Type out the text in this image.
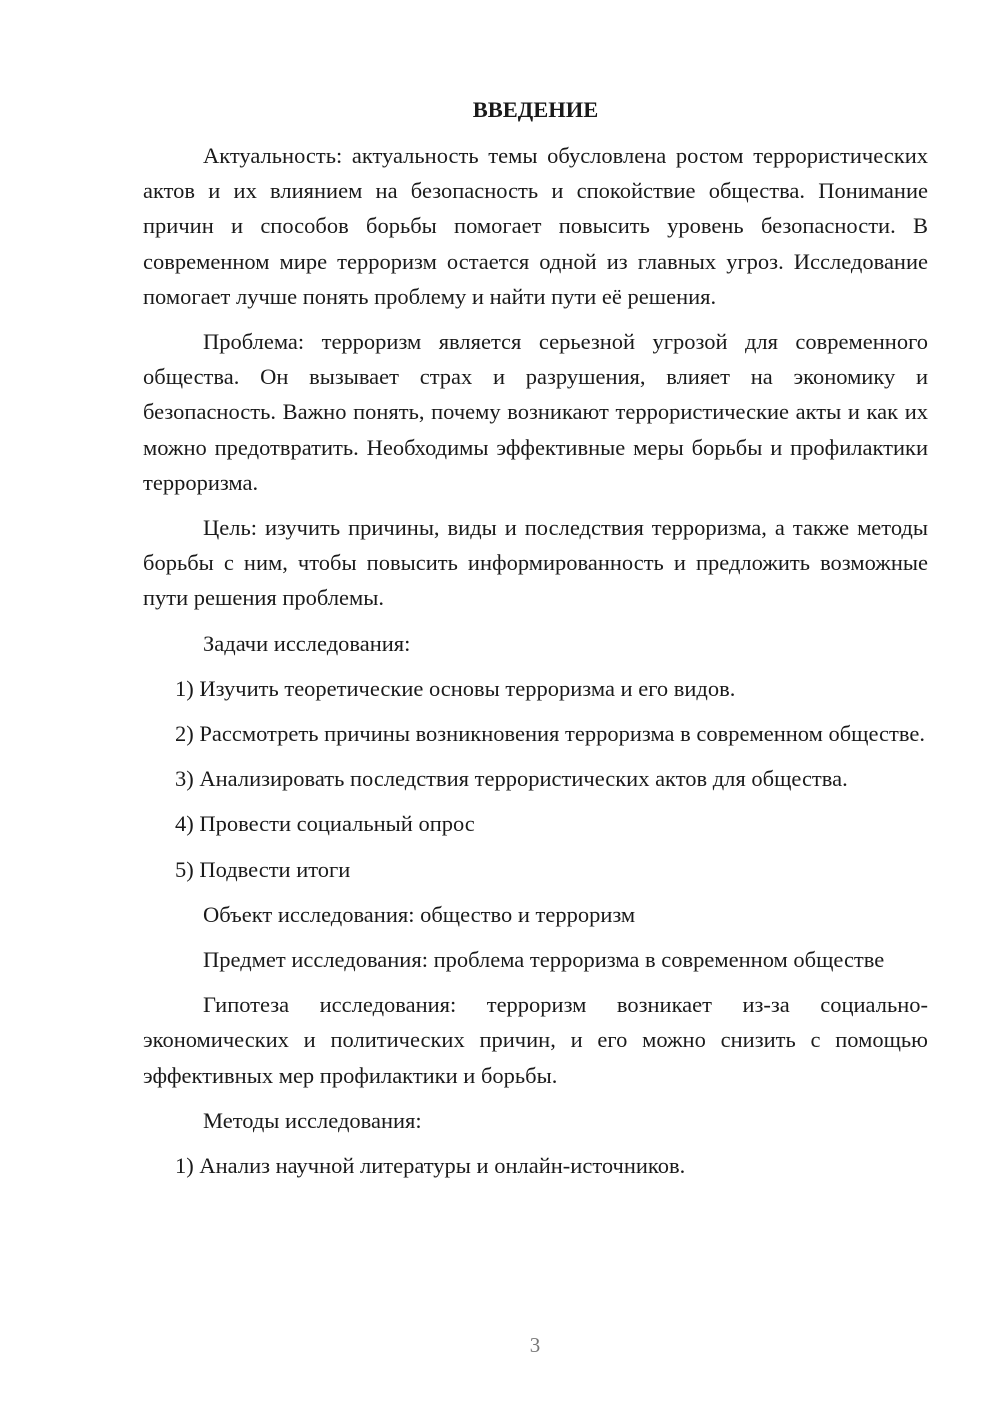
ВВЕДЕНИЕ

Актуальность: актуальность темы обусловлена ростом террористических актов и их влиянием на безопасность и спокойствие общества. Понимание причин и способов борьбы помогает повысить уровень безопасности. В современном мире терроризм остается одной из главных угроз. Исследование помогает лучше понять проблему и найти пути её решения.

Проблема: терроризм является серьезной угрозой для современного общества. Он вызывает страх и разрушения, влияет на экономику и безопасность. Важно понять, почему возникают террористические акты и как их можно предотвратить. Необходимы эффективные меры борьбы и профилактики терроризма.

Цель: изучить причины, виды и последствия терроризма, а также методы борьбы с ним, чтобы повысить информированность и предложить возможные пути решения проблемы.

Задачи исследования:

1) Изучить теоретические основы терроризма и его видов.

2) Рассмотреть причины возникновения терроризма в современном обществе.

3) Анализировать последствия террористических актов для общества.

4) Провести социальный опрос

5) Подвести итоги

Объект исследования: общество и терроризм

Предмет исследования: проблема терроризма в современном обществе

Гипотеза исследования: терроризм возникает из-за социально-экономических и политических причин, и его можно снизить с помощью эффективных мер профилактики и борьбы.

Методы исследования:

1) Анализ научной литературы и онлайн-источников.

3
